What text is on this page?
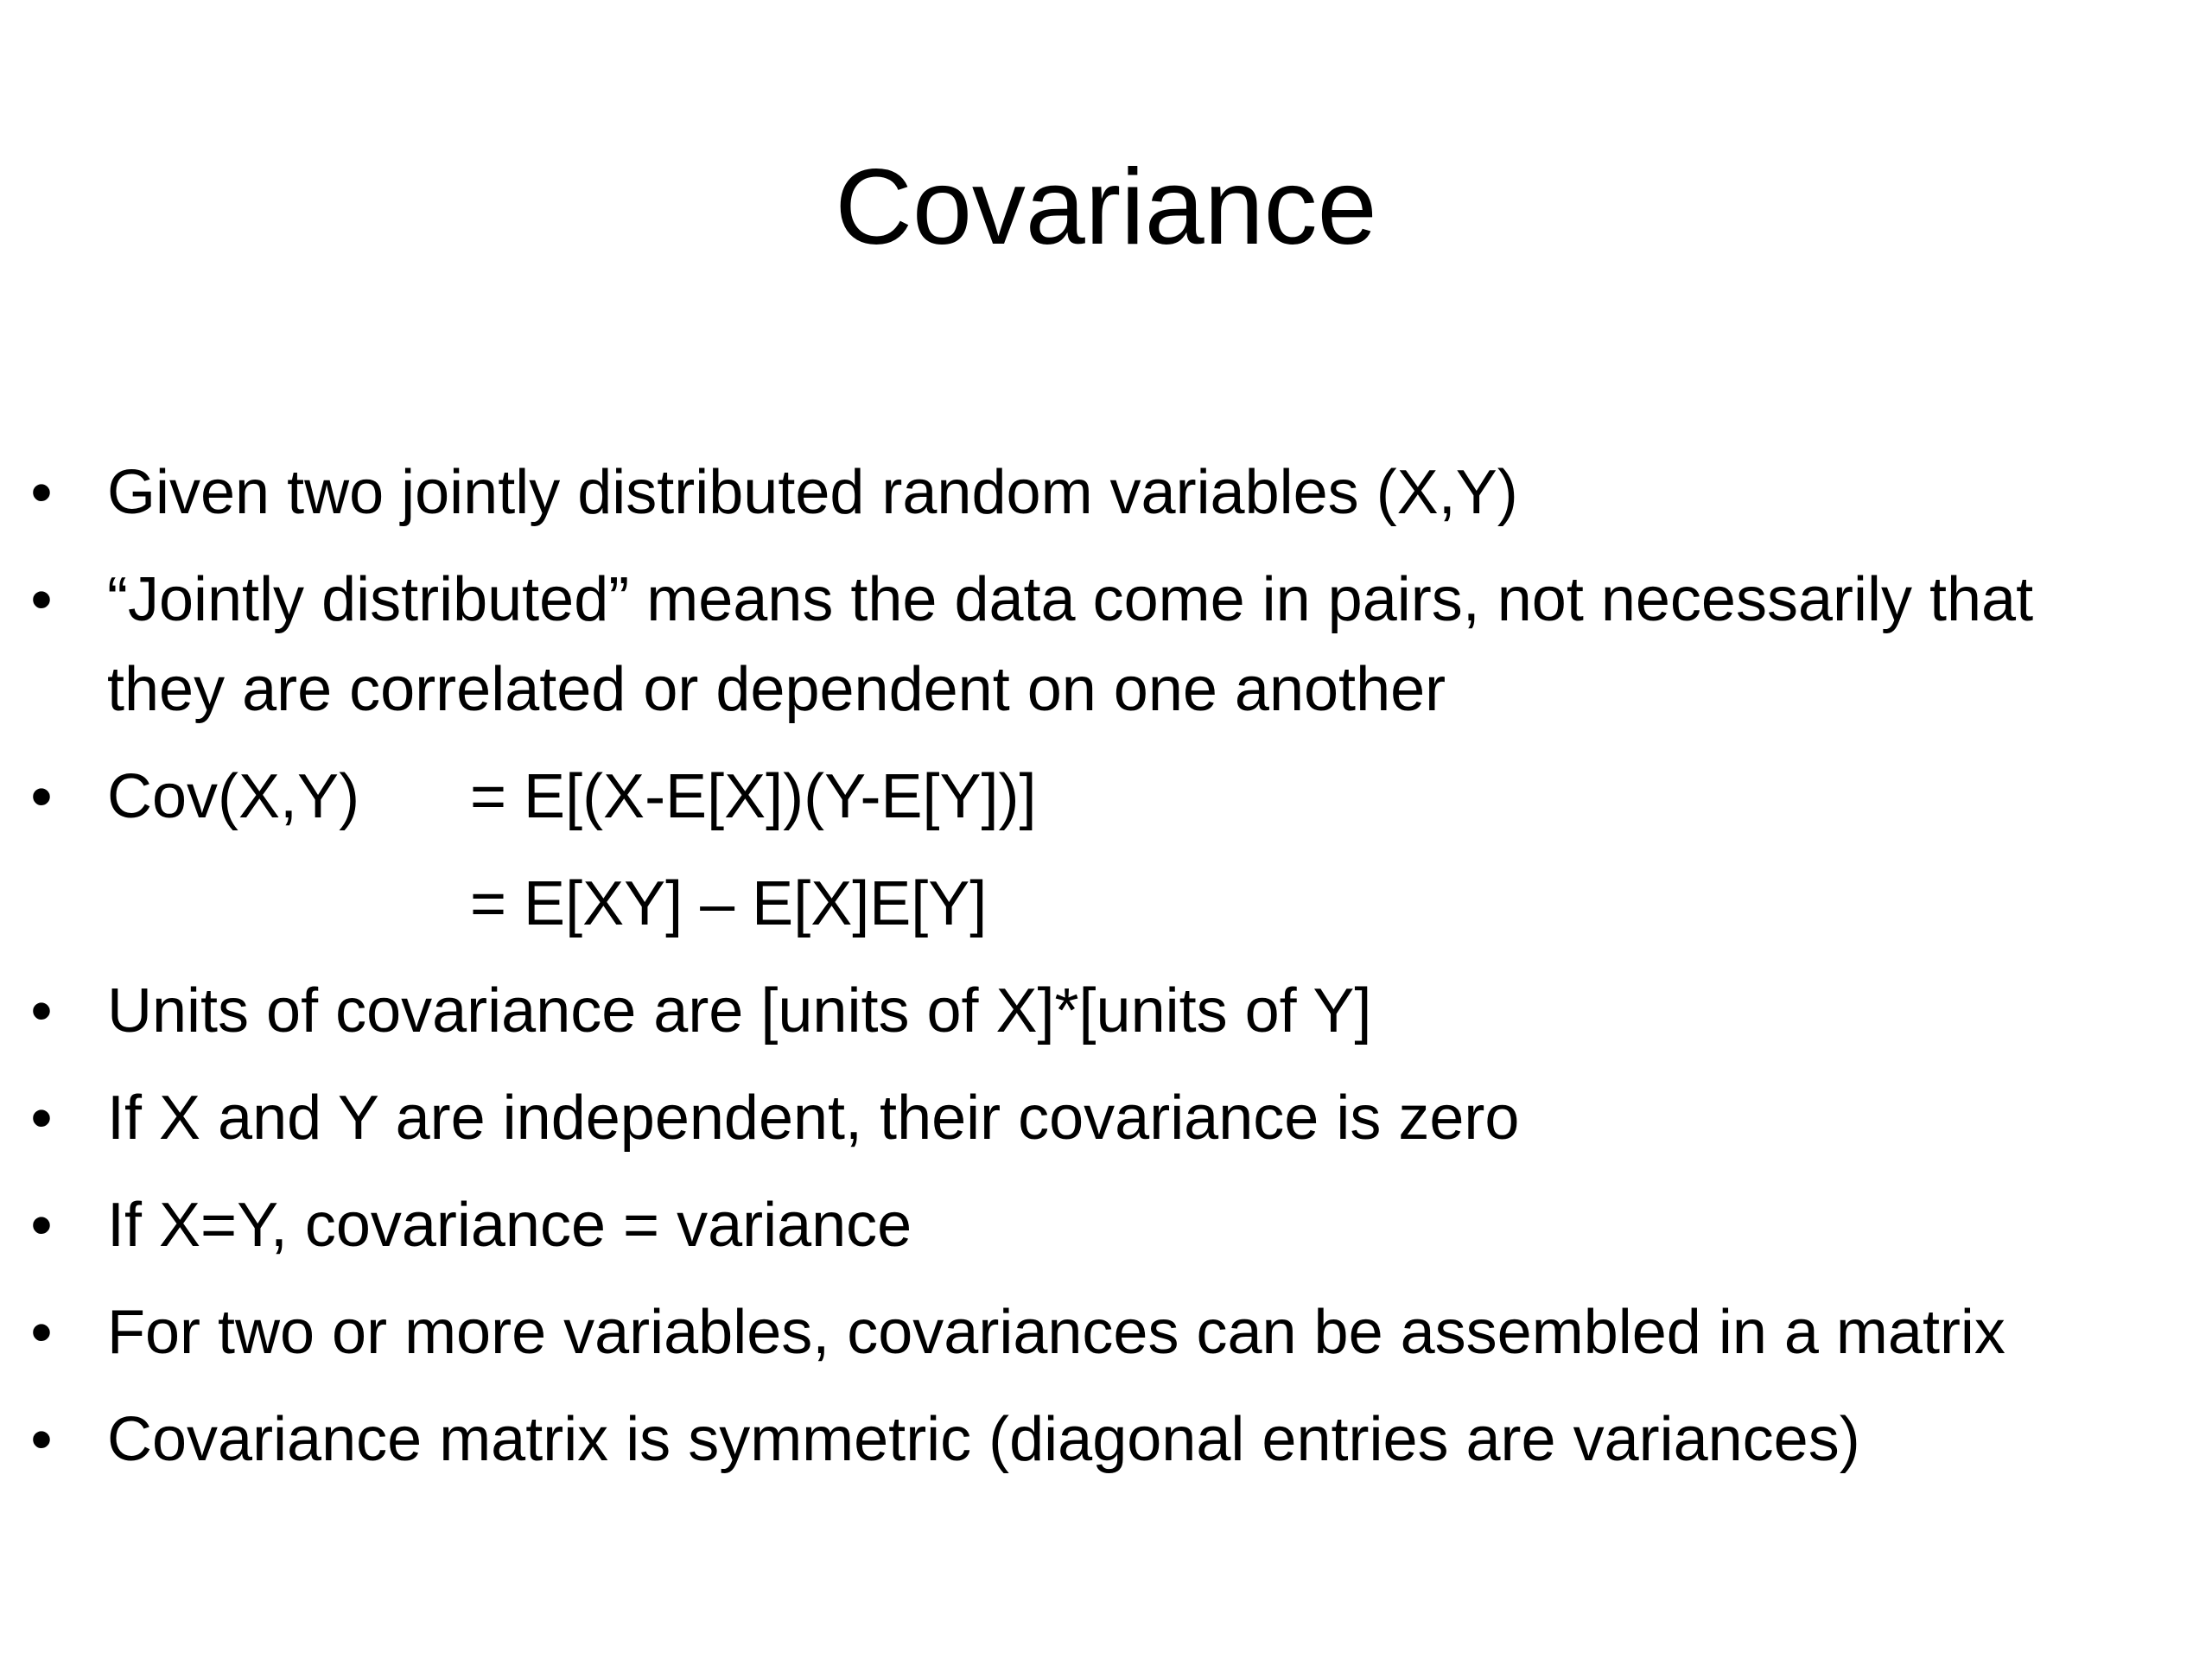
Covariance
• Given two jointly distributed random variables (X,Y)
• “Jointly distributed” means the data come in pairs, not necessarily that they are correlated or dependent on one another
• Cov(X,Y)	= E[(X-E[X])(Y-E[Y])]
= E[XY] – E[X]E[Y]
• Units of covariance are [units of X]*[units of Y]
• If X and Y are independent, their covariance is zero
• If X=Y, covariance = variance
• For two or more variables, covariances can be assembled in a matrix
• Covariance matrix is symmetric (diagonal entries are variances)
